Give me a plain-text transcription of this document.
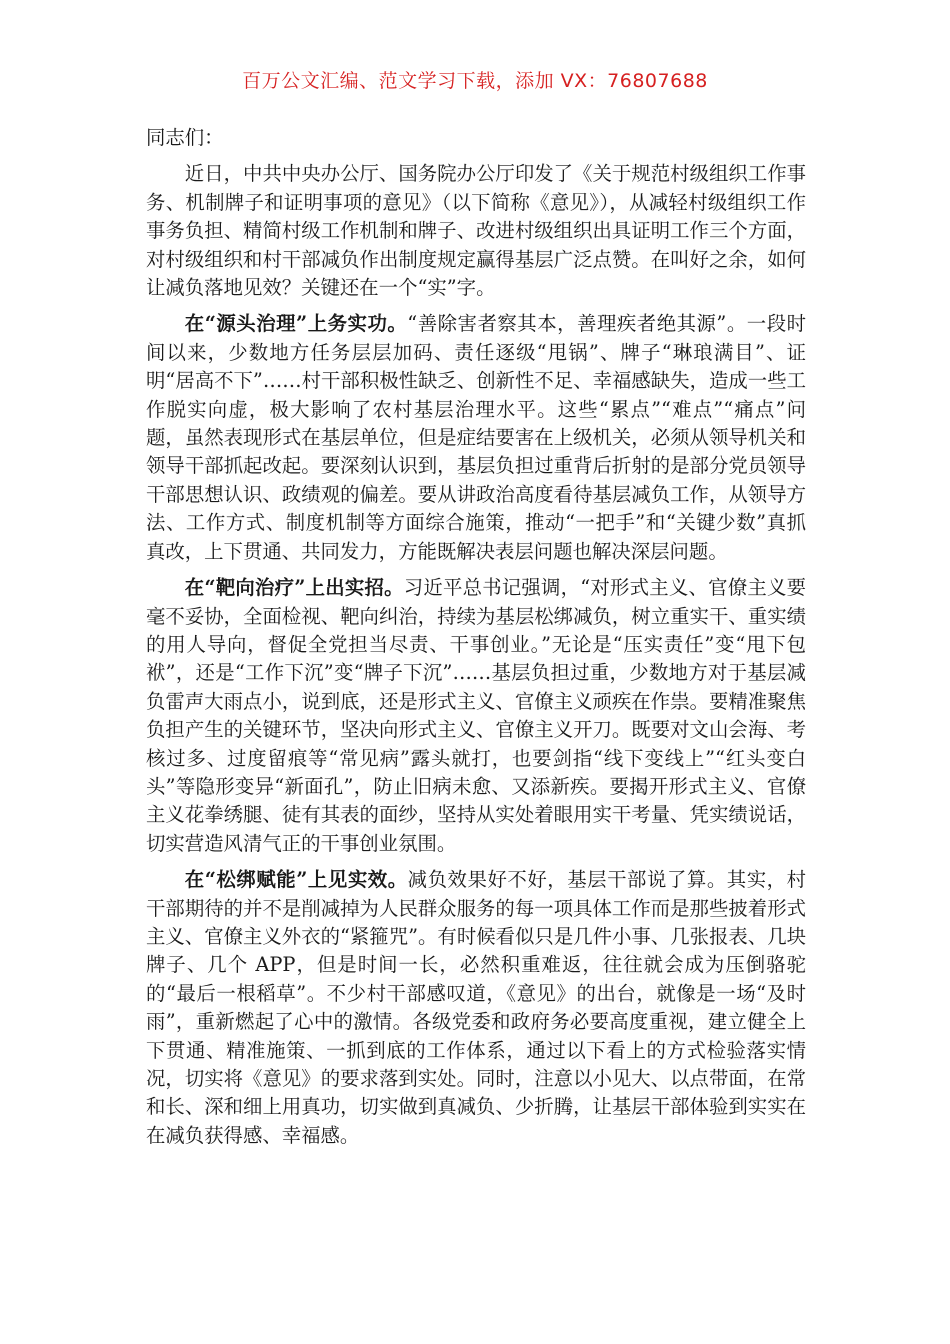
百万公文汇编、范文学习下载，添加 VX：76807688

同志们：

近日，中共中央办公厅、国务院办公厅印发了《关于规范村级组织工作事务、机制牌子和证明事项的意见》（以下简称《意见》），从减轻村级组织工作事务负担、精简村级工作机制和牌子、改进村级组织出具证明工作三个方面，对村级组织和村干部减负作出制度规定赢得基层广泛点赞。在叫好之余，如何让减负落地见效？关键还在一个“实”字。

在“源头治理”上务实功。“善除害者察其本，善理疾者绝其源”。一段时间以来，少数地方任务层层加码、责任逐级“甩锅”、牌子“琳琅满目”、证明“居高不下”……村干部积极性缺乏、创新性不足、幸福感缺失，造成一些工作脱实向虚，极大影响了农村基层治理水平。这些“累点”“难点”“痛点”问题，虽然表现形式在基层单位，但是症结要害在上级机关，必须从领导机关和领导干部抓起改起。要深刻认识到，基层负担过重背后折射的是部分党员领导干部思想认识、政绩观的偏差。要从讲政治高度看待基层减负工作，从领导方法、工作方式、制度机制等方面综合施策，推动“一把手”和“关键少数”真抓真改，上下贯通、共同发力，方能既解决表层问题也解决深层问题。

在“靶向治疗”上出实招。习近平总书记强调，“对形式主义、官僚主义要毫不妥协，全面检视、靶向纠治，持续为基层松绑减负，树立重实干、重实绩的用人导向，督促全党担当尽责、干事创业。”无论是“压实责任”变“甩下包袱”，还是“工作下沉”变“牌子下沉”……基层负担过重，少数地方对于基层减负雷声大雨点小，说到底，还是形式主义、官僚主义顽疾在作祟。要精准聚焦负担产生的关键环节，坚决向形式主义、官僚主义开刀。既要对文山会海、考核过多、过度留痕等“常见病”露头就打，也要剑指“线下变线上”“红头变白头”等隐形变异“新面孔”，防止旧病未愈、又添新疾。要揭开形式主义、官僚主义花拳绣腿、徒有其表的面纱，坚持从实处着眼用实干考量、凭实绩说话，切实营造风清气正的干事创业氛围。

在“松绑赋能”上见实效。减负效果好不好，基层干部说了算。其实，村干部期待的并不是削减掉为人民群众服务的每一项具体工作而是那些披着形式主义、官僚主义外衣的“紧箍咒”。有时候看似只是几件小事、几张报表、几块牌子、几个 APP，但是时间一长，必然积重难返，往往就会成为压倒骆驼的“最后一根稻草”。不少村干部感叹道，《意见》的出台，就像是一场“及时雨”，重新燃起了心中的激情。各级党委和政府务必要高度重视，建立健全上下贯通、精准施策、一抓到底的工作体系，通过以下看上的方式检验落实情况，切实将《意见》的要求落到实处。同时，注意以小见大、以点带面，在常和长、深和细上用真功，切实做到真减负、少折腾，让基层干部体验到实实在在减负获得感、幸福感。
